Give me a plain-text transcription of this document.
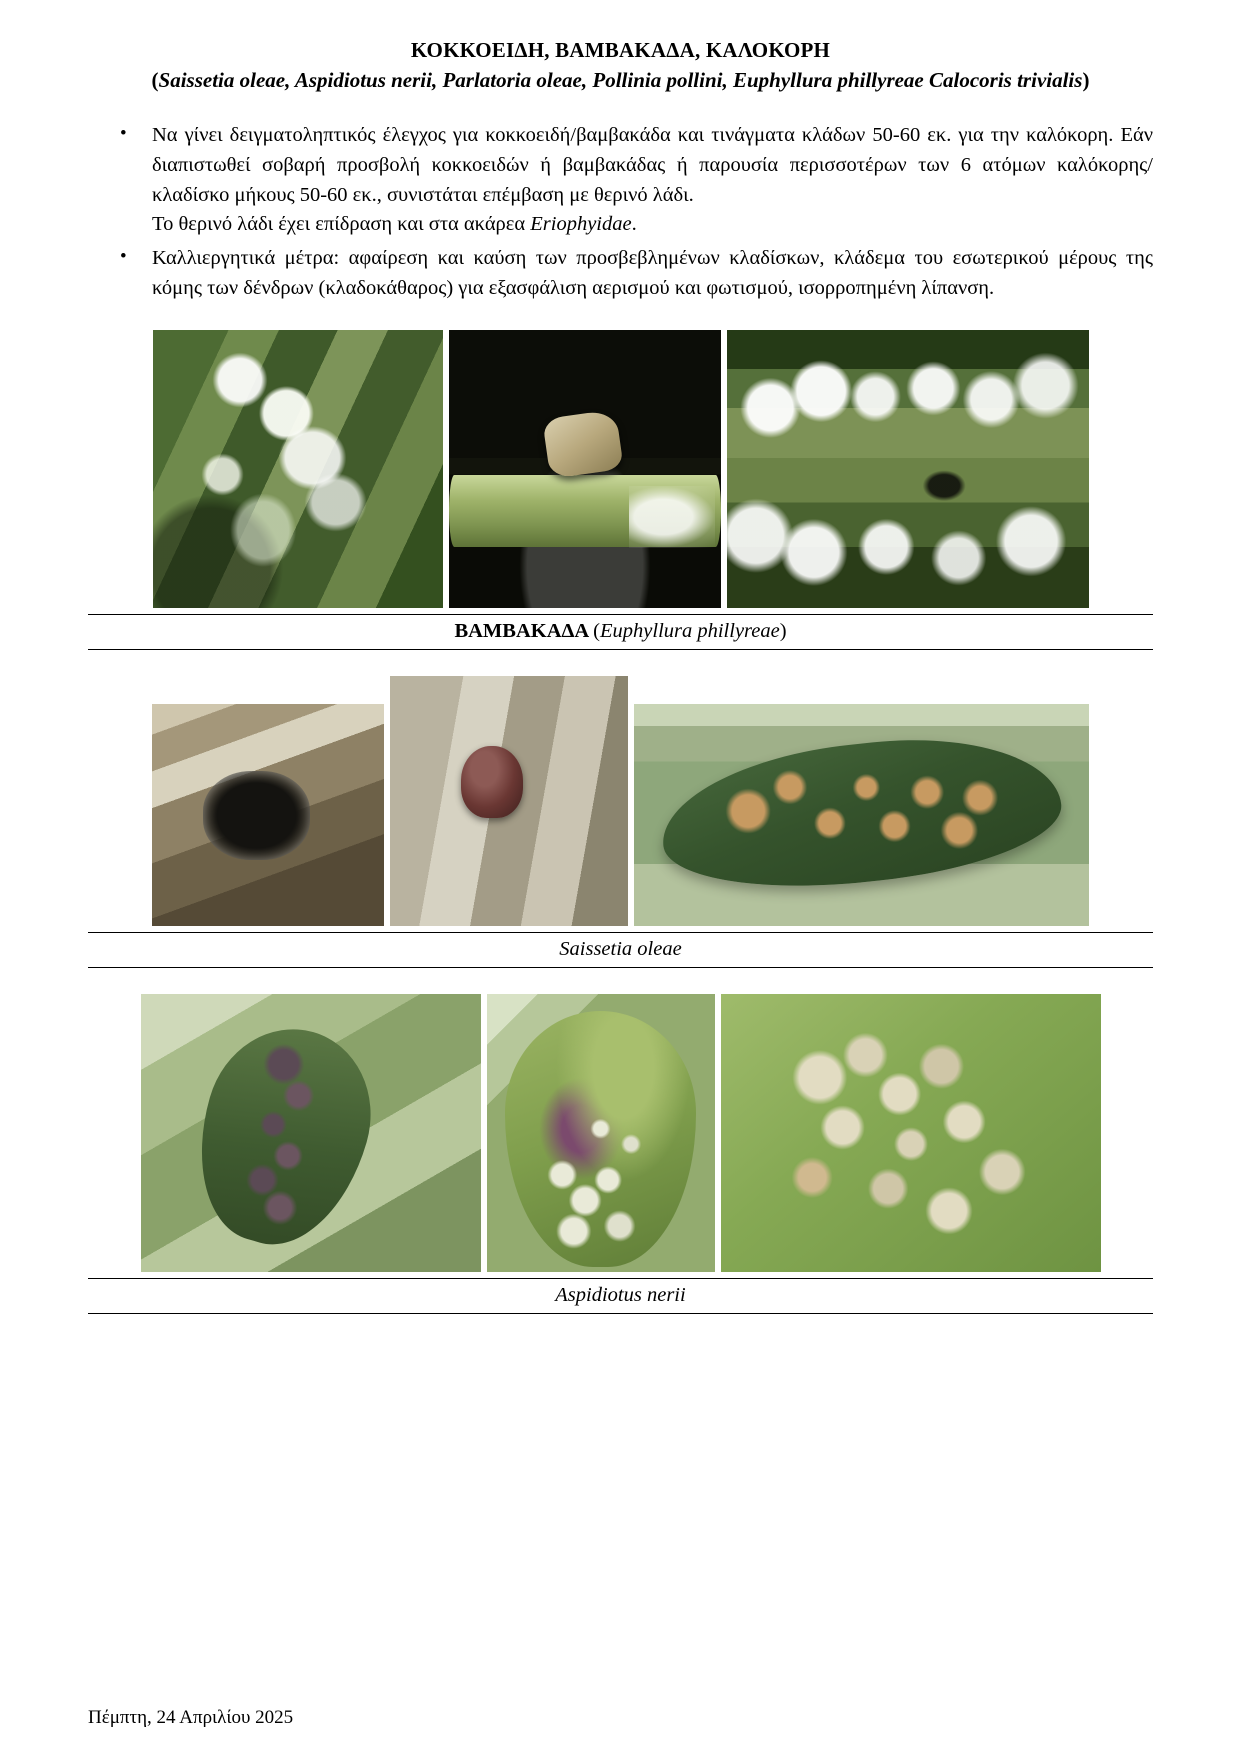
ΚΟΚΚΟΕΙΔΗ, ΒΑΜΒΑΚΑΔΑ, ΚΑΛΟΚΟΡΗ
(Saissetia oleae, Aspidiotus nerii, Parlatoria oleae, Pollinia pollini, Euphyllura phillyreae Calocoris trivialis)
• Να γίνει δειγματοληπτικός έλεγχος για κοκκοειδή/βαμβακάδα και τινάγματα κλάδων 50-60 εκ. για την καλόκορη. Εάν διαπιστωθεί σοβαρή προσβολή κοκκοειδών ή βαμβακάδας ή παρουσία περισσοτέρων των 6 ατόμων καλόκορης/κλαδίσκο μήκους 50-60 εκ., συνιστάται επέμβαση με θερινό λάδι.
Το θερινό λάδι έχει επίδραση και στα ακάρεα Eriophyidae.
• Καλλιεργητικά μέτρα: αφαίρεση και καύση των προσβεβλημένων κλαδίσκων, κλάδεμα του εσωτερικού μέρους της κόμης των δένδρων (κλαδοκάθαρος) για εξασφάλιση αερισμού και φωτισμού, ισορροπημένη λίπανση.
ΒΑΜΒΑΚΑΔΑ (Euphyllura phillyreae)
Saissetia oleae
Aspidiotus nerii
Πέμπτη, 24 Απριλίου 2025
